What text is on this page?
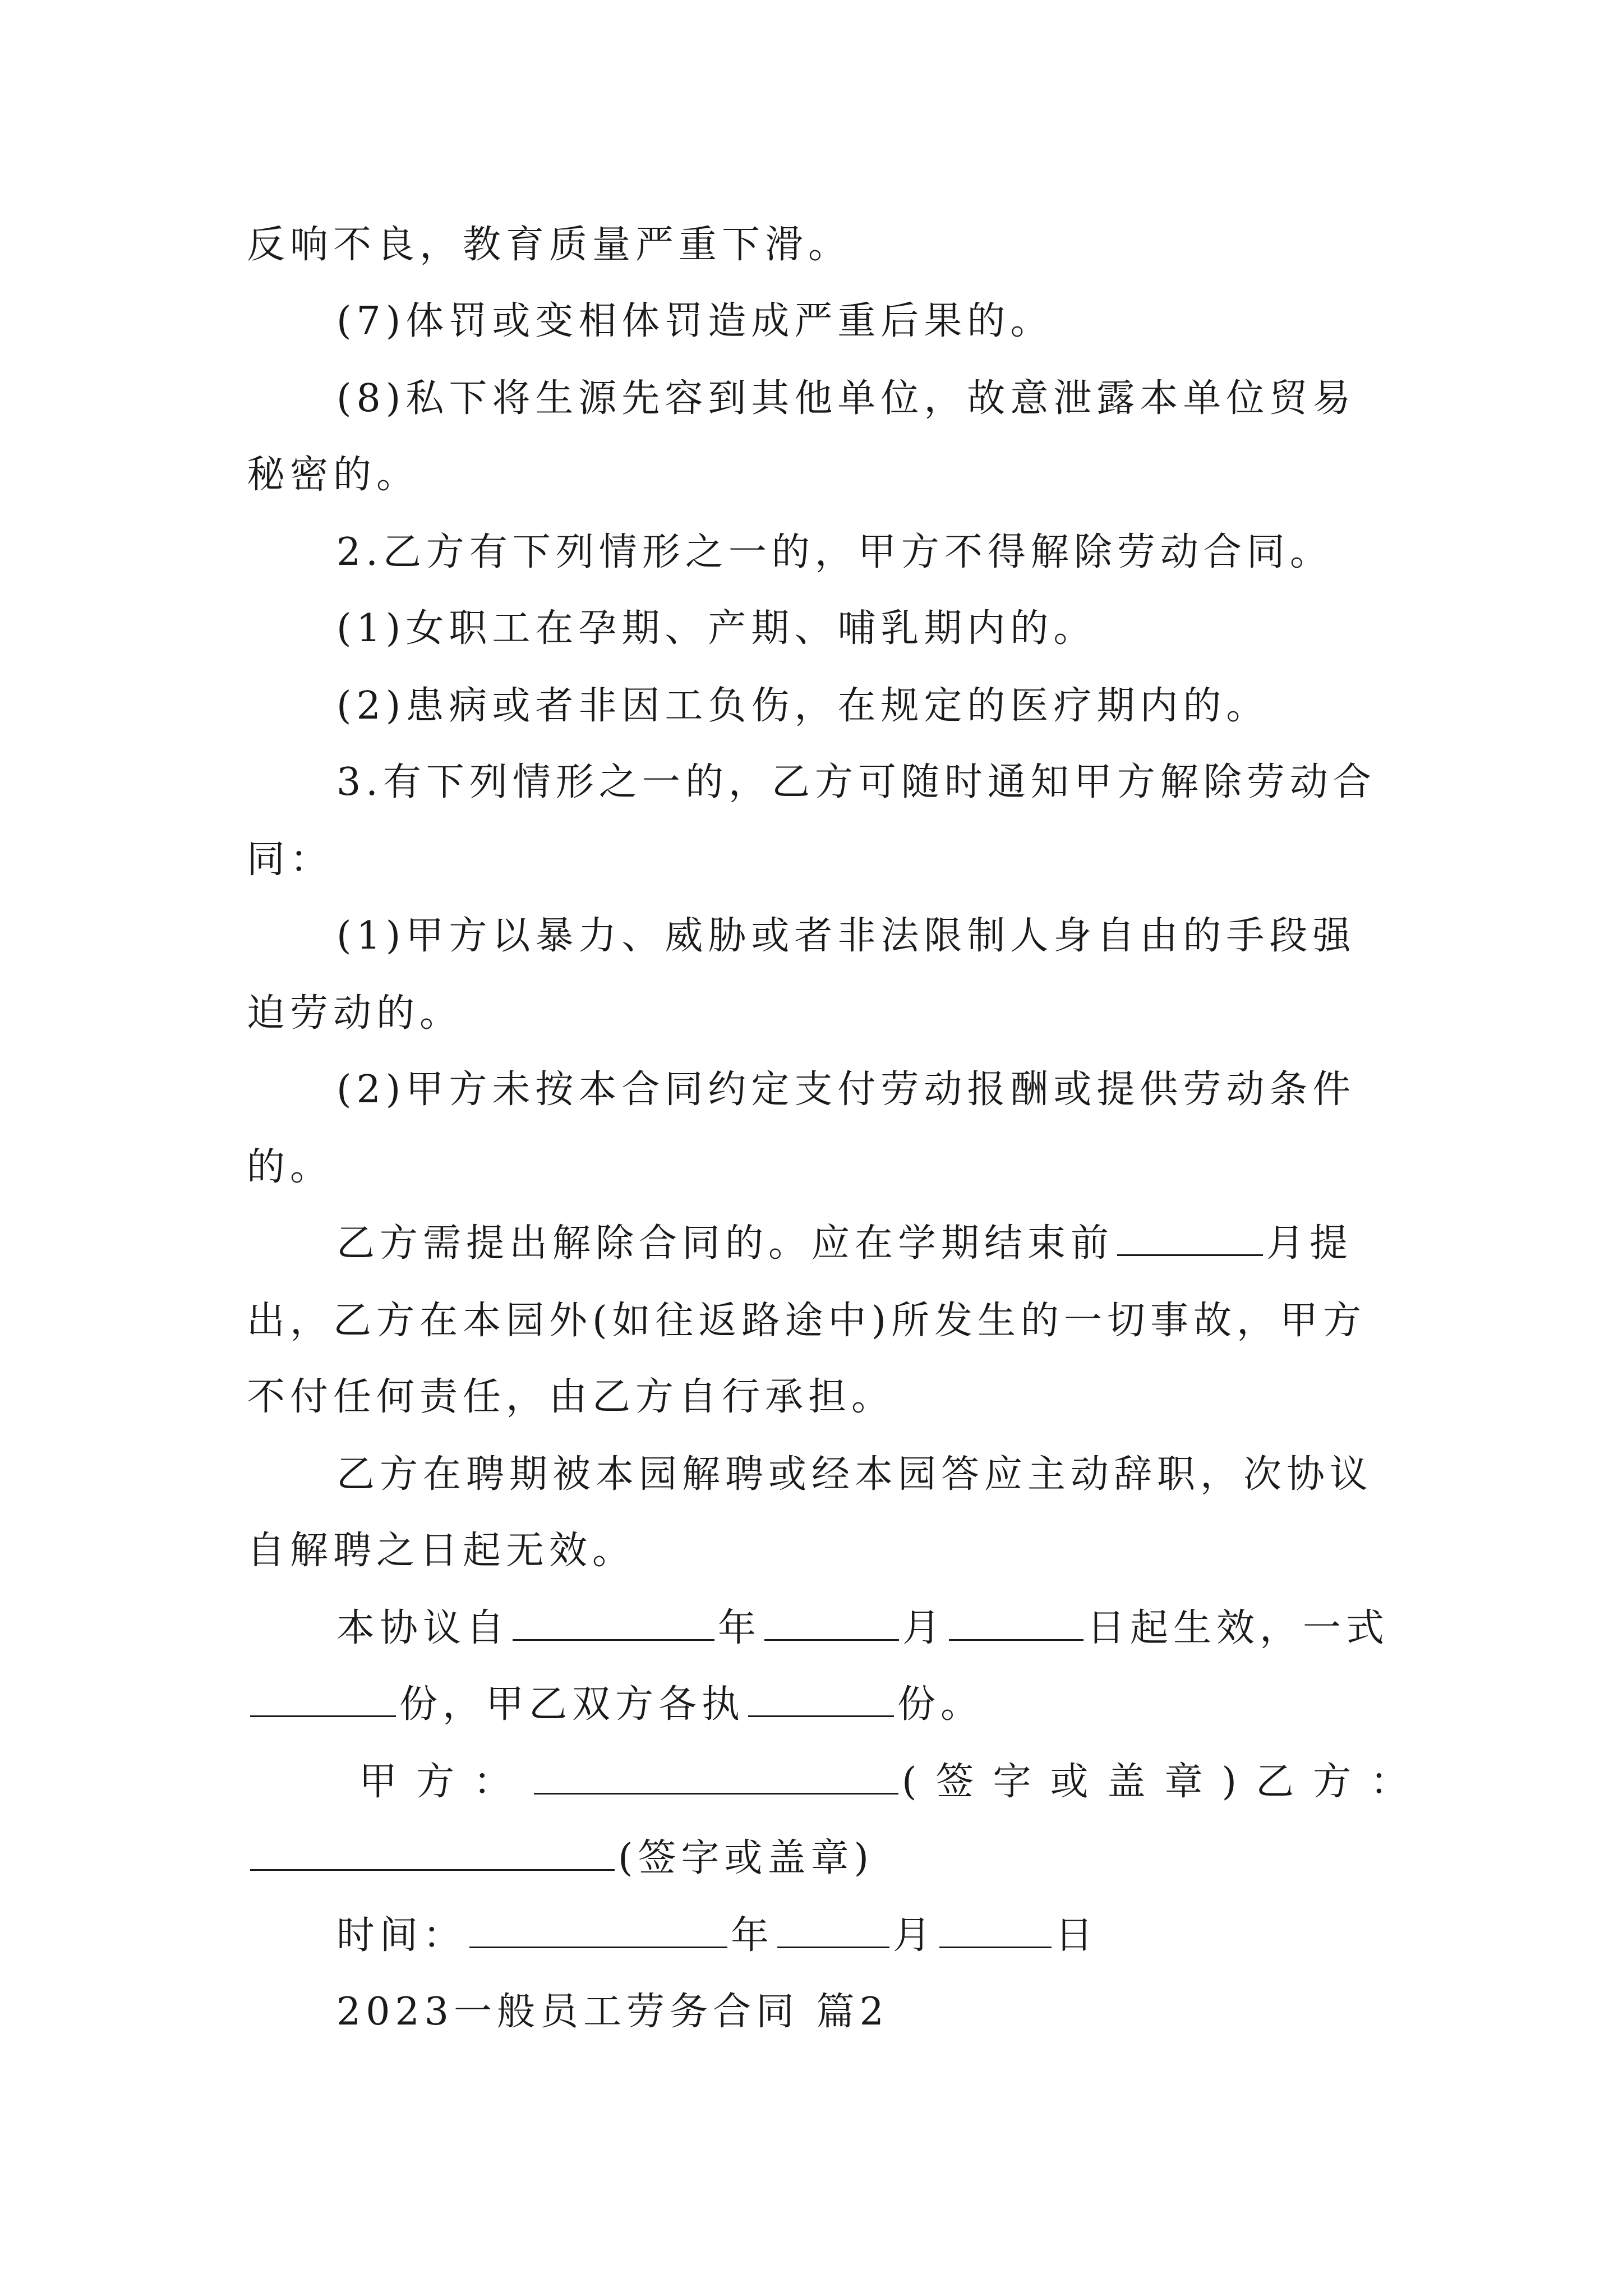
反响不良，教育质量严重下滑。
(7)体罚或变相体罚造成严重后果的。
(8)私下将生源先容到其他单位，故意泄露本单位贸易
秘密的。
2.乙方有下列情形之一的，甲方不得解除劳动合同。
(1)女职工在孕期、产期、哺乳期内的。
(2)患病或者非因工负伤，在规定的医疗期内的。
3.有下列情形之一的，乙方可随时通知甲方解除劳动合
同：
(1)甲方以暴力、威胁或者非法限制人身自由的手段强
迫劳动的。
(2)甲方未按本合同约定支付劳动报酬或提供劳动条件
的。
乙方需提出解除合同的。应在学期结束前	月提
出，乙方在本园外(如往返路途中)所发生的一切事故，甲方
不付任何责任，由乙方自行承担。
乙方在聘期被本园解聘或经本园答应主动辞职，次协议
自解聘之日起无效。
本协议自	年	月	日起生效，一式
份，甲乙双方各执	份。
甲方：	(签字或盖章)乙方：
(签字或盖章)
时间：	年	月	日
2023一般员工劳务合同 篇2
